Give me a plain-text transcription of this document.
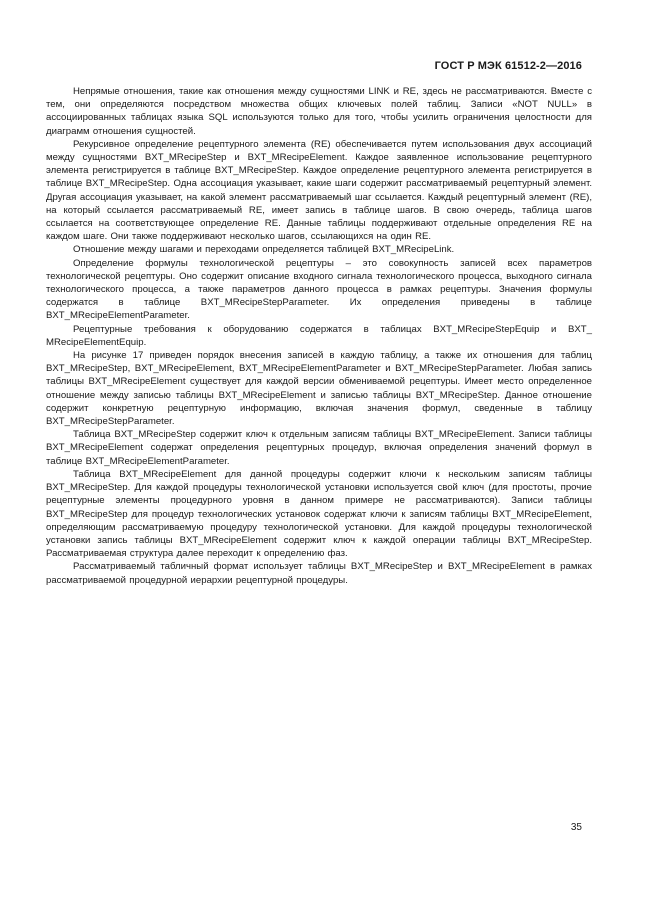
ГОСТ Р МЭК 61512-2—2016

Непрямые отношения, такие как отношения между сущностями LINK и RE, здесь не рассматриваются. Вместе с тем, они определяются посредством множества общих ключевых полей таблиц. Записи «NOT NULL» в ассоциированных таблицах языка SQL используются только для того, чтобы усилить ограничения целостности для диаграмм отношения сущностей.

Рекурсивное определение рецептурного элемента (RE) обеспечивается путем использования двух ассоциаций между сущностями BXT_MRecipeStep и BXT_MRecipeElement. Каждое заявленное использование рецептурного элемента регистрируется в таблице BXT_MRecipeStep. Каждое определение рецептурного элемента регистрируется в таблице BXT_MRecipeStep. Одна ассоциация указывает, какие шаги содержит рассматриваемый рецептурный элемент. Другая ассоциация указывает, на какой элемент рассматриваемый шаг ссылается. Каждый рецептурный элемент (RE), на который ссылается рассматриваемый RE, имеет запись в таблице шагов. В свою очередь, таблица шагов ссылается на соответствующее определение RE. Данные таблицы поддерживают отдельные определения RE на каждом шаге. Они также поддерживают несколько шагов, ссылающихся на один RE.

Отношение между шагами и переходами определяется таблицей BXT_MRecipeLink.

Определение формулы технологической рецептуры – это совокупность записей всех параметров технологической рецептуры. Оно содержит описание входного сигнала технологического процесса, выходного сигнала технологического процесса, а также параметров данного процесса в рамках рецептуры. Значения формулы содержатся в таблице BXT_MRecipeStepParameter. Их определения приведены в таблице BXT_MRecipeElementParameter.

Рецептурные требования к оборудованию содержатся в таблицах BXT_MRecipeStepEquip и BXT_ MRecipeElementEquip.

На рисунке 17 приведен порядок внесения записей в каждую таблицу, а также их отношения для таблиц BXT_MRecipeStep, BXT_MRecipeElement, BXT_MRecipeElementParameter и BXT_MRecipeStepParameter. Любая запись таблицы BXT_MRecipeElement существует для каждой версии обмениваемой рецептуры. Имеет место определенное отношение между записью таблицы BXT_MRecipeElement и записью таблицы BXT_MRecipeStep. Данное отношение содержит конкретную рецептурную информацию, включая значения формул, сведенные в таблицу BXT_MRecipeStepParameter.

Таблица BXT_MRecipeStep содержит ключ к отдельным записям таблицы BXT_MRecipeElement. Записи таблицы BXT_MRecipeElement содержат определения рецептурных процедур, включая определения значений формул в таблице BXT_MRecipeElementParameter.

Таблица BXT_MRecipeElement для данной процедуры содержит ключи к нескольким записям таблицы BXT_MRecipeStep. Для каждой процедуры технологической установки используется свой ключ (для простоты, прочие рецептурные элементы процедурного уровня в данном примере не рассматриваются). Записи таблицы BXT_MRecipeStep для процедур технологических установок содержат ключи к записям таблицы BXT_MRecipeElement, определяющим рассматриваемую процедуру технологической установки. Для каждой процедуры технологической установки запись таблицы BXT_MRecipeElement содержит ключ к каждой операции таблицы BXT_MRecipeStep. Рассматриваемая структура далее переходит к определению фаз.

Рассматриваемый табличный формат использует таблицы BXT_MRecipeStep и BXT_MRecipeElement в рамках рассматриваемой процедурной иерархии рецептурной процедуры.

35
